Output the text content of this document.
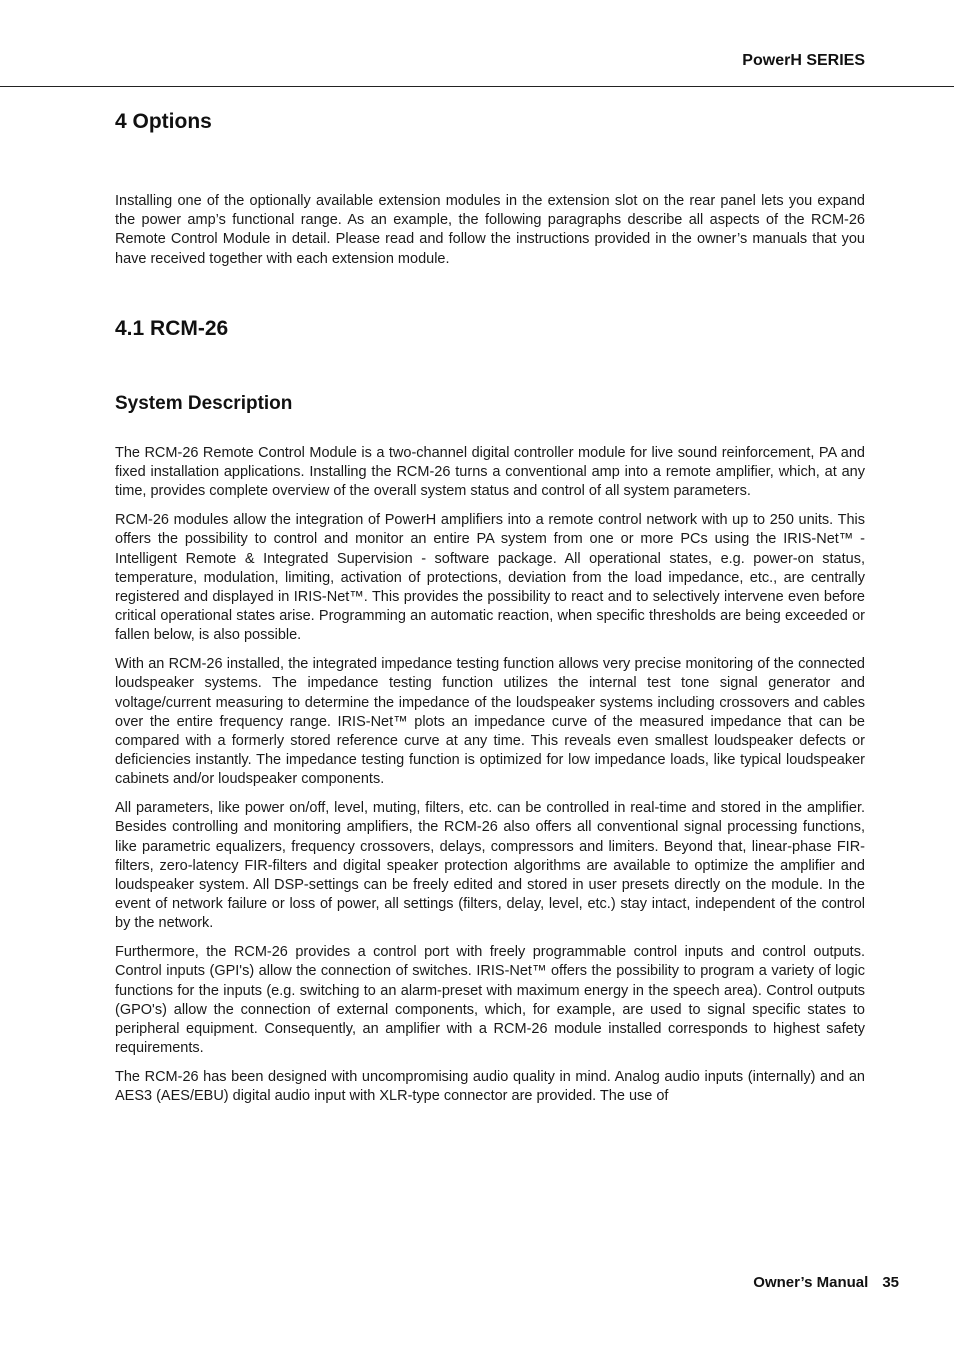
PowerH SERIES
4 Options

Installing one of the optionally available extension modules in the extension slot on the rear panel lets you expand the power amp’s functional range. As an example, the following paragraphs describe all aspects of the RCM-26 Remote Control Module in detail. Please read and follow the instructions provided in the owner’s manuals that you have received together with each extension module.

4.1 RCM-26
System Description

The RCM-26 Remote Control Module is a two-channel digital controller module for live sound reinforcement, PA and fixed installation applications. Installing the RCM-26 turns a conventional amp into a remote amplifier, which, at any time, provides complete overview of the overall system status and control of all system parameters.

RCM-26 modules allow the integration of PowerH amplifiers into a remote control network with up to 250 units. This offers the possibility to control and monitor an entire PA system from one or more PCs using the IRIS-Net™ - Intelligent Remote & Integrated Supervision - software package. All operational states, e.g. power-on status, temperature, modulation, limiting, activation of protections, deviation from the load impedance, etc., are centrally registered and displayed in IRIS-Net™. This provides the possibility to react and to selectively intervene even before critical operational states arise. Programming an automatic reaction, when specific thresholds are being exceeded or fallen below, is also possible.

With an RCM-26 installed, the integrated impedance testing function allows very precise monitoring of the connected loudspeaker systems. The impedance testing function utilizes the internal test tone signal generator and voltage/current measuring to determine the impedance of the loudspeaker systems including crossovers and cables over the entire frequency range. IRIS-Net™ plots an impedance curve of the measured impedance that can be compared with a formerly stored reference curve at any time. This reveals even smallest loudspeaker defects or deficiencies instantly. The impedance testing function is optimized for low impedance loads, like typical loudspeaker cabinets and/or loudspeaker components.

All parameters, like power on/off, level, muting, filters, etc. can be controlled in real-time and stored in the amplifier. Besides controlling and monitoring amplifiers, the RCM-26 also offers all conventional signal processing functions, like parametric equalizers, frequency crossovers, delays, compressors and limiters. Beyond that, linear-phase FIR-filters, zero-latency FIR-filters and digital speaker protection algorithms are available to optimize the amplifier and loudspeaker system. All DSP-settings can be freely edited and stored in user presets directly on the module. In the event of network failure or loss of power, all settings (filters, delay, level, etc.) stay intact, independent of the control by the network.

Furthermore, the RCM-26 provides a control port with freely programmable control inputs and control outputs. Control inputs (GPI's) allow the connection of switches. IRIS-Net™ offers the possibility to program a variety of logic functions for the inputs (e.g. switching to an alarm-preset with maximum energy in the speech area). Control outputs (GPO's) allow the connection of external components, which, for example, are used to signal specific states to peripheral equipment. Consequently, an amplifier with a RCM-26 module installed corresponds to highest safety requirements.

The RCM-26 has been designed with uncompromising audio quality in mind. Analog audio inputs (internally) and an AES3 (AES/EBU) digital audio input with XLR-type connector are provided. The use of

Owner’s Manual 35
